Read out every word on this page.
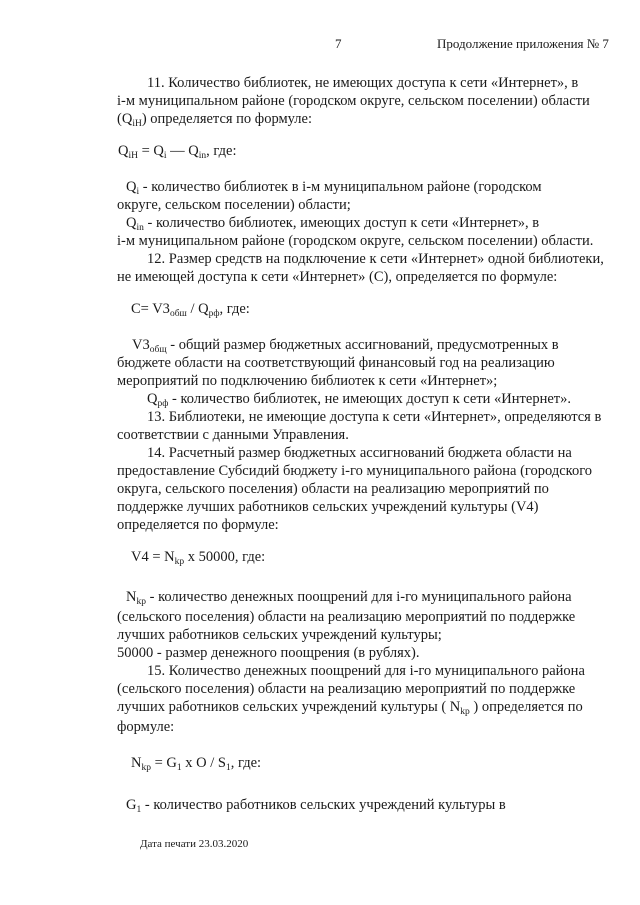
7	Продолжение приложения № 7
11. Количество библиотек, не имеющих доступа к сети «Интернет», в
i-м муниципальном районе (городском округе, сельском поселении) области
$(Q_{iH})$ определяется по формуле:
$Q_{iH} = Q_i$ — $Q_{in}$, где:
$Q_i$ - количество библиотек в i-м муниципальном районе (городском
округе, сельском поселении) области;
$Q_{in}$ - количество библиотек, имеющих доступ к сети «Интернет», в
i-м муниципальном районе (городском округе, сельском поселении) области.
12. Размер средств на подключение к сети «Интернет» одной библиотеки,
не имеющей доступа к сети «Интернет» (C), определяется по формуле:
$C= V3_{обш} / Q_{рф}$, где:
$V3_{общ}$ - общий размер бюджетных ассигнований, предусмотренных в
бюджете области на соответствующий финансовый год на реализацию
мероприятий по подключению библиотек к сети «Интернет»;
$Q_{рф}$ - количество библиотек, не имеющих доступ к сети «Интернет».
13. Библиотеки, не имеющие доступа к сети «Интернет», определяются в
соответствии с данными Управления.
14. Расчетный размер бюджетных ассигнований бюджета области на
предоставление Субсидий бюджету i-го муниципального района (городского
округа, сельского поселения) области на реализацию мероприятий по
поддержке лучших работников сельских учреждений культуры (V4)
определяется по формуле:
$V4 = N_{kp}$ x 50000, где:
$N_{kp}$ - количество денежных поощрений для i-го муниципального района
(сельского поселения) области на реализацию мероприятий по поддержке
лучших работников сельских учреждений культуры;
50000 - размер денежного поощрения (в рублях).
15. Количество денежных поощрений для i-го муниципального района
(сельского поселения) области на реализацию мероприятий по поддержке
лучших работников сельских учреждений культуры ( $N_{kp}$ ) определяется по
формуле:
$N_{kp} = G_1$ x O / $S_1$, где:
$G_1$ - количество работников сельских учреждений культуры в
Дата печати 23.03.2020
